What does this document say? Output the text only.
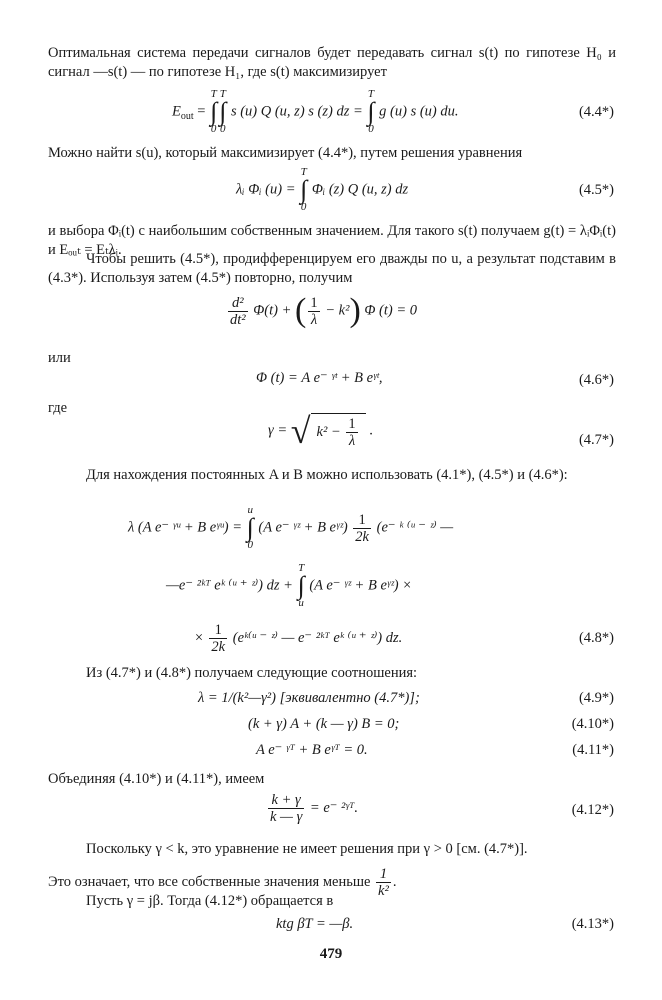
Оптимальная система передачи сигналов будет передавать сигнал s(t) по гипотезе H₀ и сигнал —s(t) — по гипотезе H₁, где s(t) максимизирует
$E_{out}$ =
T
∫
0
T
∫
0
s (u) Q (u, z) s (z) dz =
T
∫
0
g (u) s (u) du.	(4.4*)
Можно найти s(u), который максимизирует (4.4*), путем решения уравнения
λᵢ Φᵢ (u) =
T
∫
0
Φᵢ (z) Q (u, z) dz	(4.5*)
и выбора Φᵢ(t) с наибольшим собственным значением. Для такого s(t) получаем g(t) = λᵢΦᵢ(t) и Eₒᵤₜ = Eₜλᵢ.
Чтобы решить (4.5*), продифференцируем его дважды по u, а результат подставим в (4.3*). Используя затем (4.5*) повторно, получим
$\frac{\text{d²}}{\text{dt²}} \Phi(t)$ + ( $\frac{1}{\lambda} - k^2$) Φ (t) = 0
или
Φ (t) = A e⁻ ᵞᵗ + B eᵞᵗ,	(4.6*)
где
γ = √ $k^2 - \frac{1}{\lambda}$ .
(4.7*)
Для нахождения постоянных A и B можно использовать (4.1*), (4.5*) и (4.6*):
λ (A e⁻ ᵞᵘ + B eᵞᵘ) =
u
∫
0
(A e⁻ ᵞᶻ + B eᵞᶻ) $\frac{1}{2k} (e^-$ ᵏ ⁽ᵘ ⁻ ᶻ⁾ —
—e⁻ ²ᵏᵀ eᵏ ⁽ᵘ ⁺ ᶻ⁾) dz +
T
∫
u
(A e⁻ ᵞᶻ + B eᵞᶻ) ×
× $\frac{1}{2k}$ (eᵏ⁽ᵘ ⁻ ᶻ⁾ — e⁻ ²ᵏᵀ eᵏ ⁽ᵘ ⁺ ᶻ⁾) dz.	(4.8*)
Из (4.7*) и (4.8*) получаем следующие соотношения:
λ = 1/(k²—γ²) [эквивалентно (4.7*)];	(4.9*)
(k + γ) A + (k — γ) B = 0;	(4.10*)
A e⁻ ᵞᵀ + B eᵞᵀ = 0.	(4.11*)
Объединяя (4.10*) и (4.11*), имеем
$\frac{k + \gamma}{k — \gamma} = e^-$ ²ᵞᵀ.	(4.12*)
Поскольку γ < k, это уравнение не имеет решения при γ > 0 [см. (4.7*)].
Это означает, что все собственные значения меньше $\frac{1}{\text{k²}}$ .
Пусть γ = jβ. Тогда (4.12*) обращается в
ktg βT = —β.	(4.13*)
479
